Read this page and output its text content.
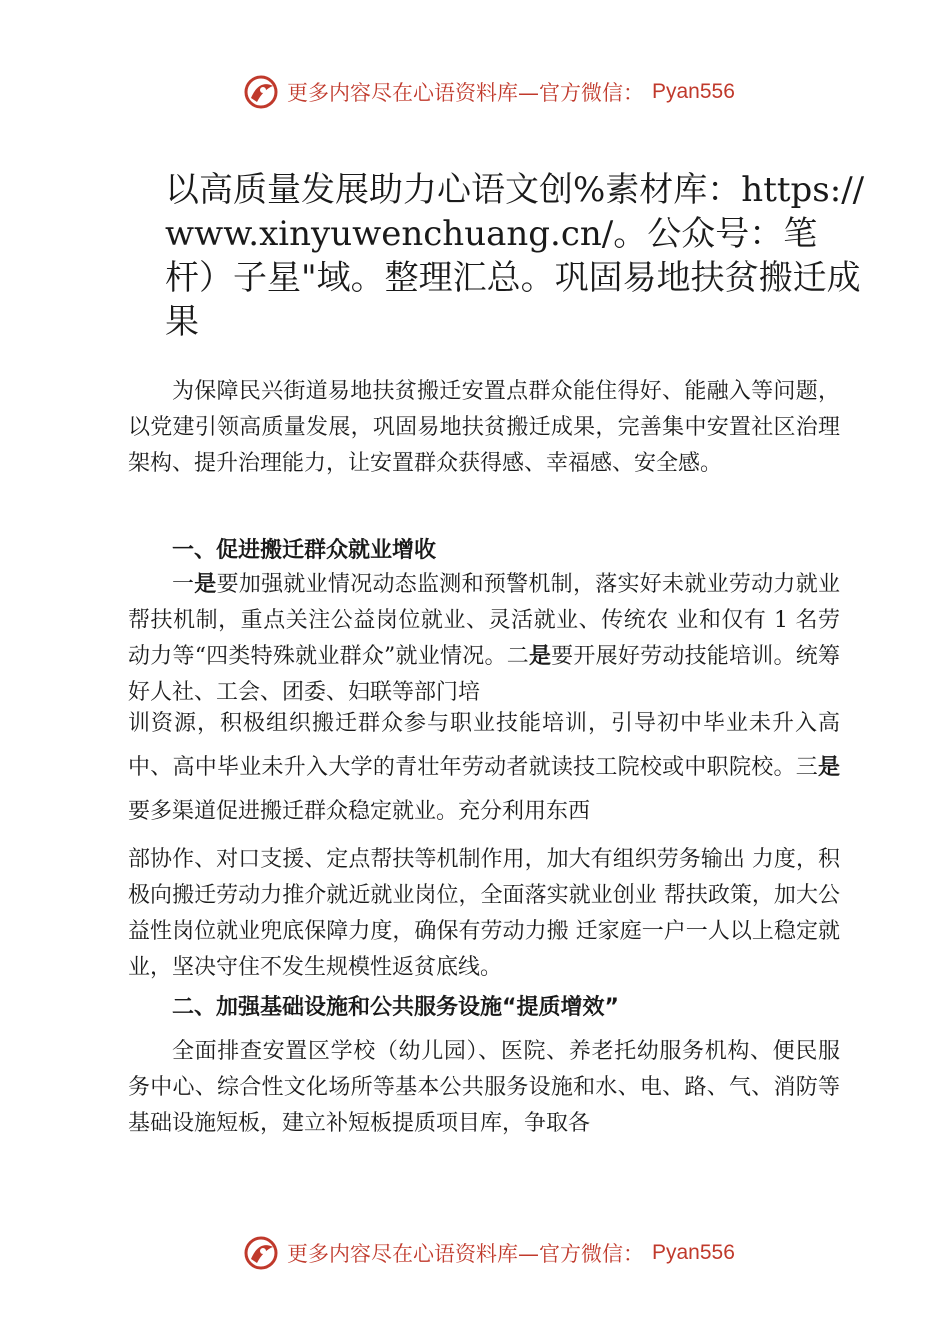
更多内容尽在心语资料库—官方微信： Pyan556
以高质量发展助力心语文创%素材库：https://www.xinyuwenchuang.cn/。公众号：笔杆）子星"域。整理汇总。巩固易地扶贫搬迁成果

为保障民兴街道易地扶贫搬迁安置点群众能住得好、能融入等问题，以党建引领高质量发展，巩固易地扶贫搬迁成果，完善集中安置社区治理架构、提升治理能力，让安置群众获得感、幸福感、安全感。

一、促进搬迁群众就业增收

一是要加强就业情况动态监测和预警机制，落实好未就业劳动力就业帮扶机制，重点关注公益岗位就业、灵活就业、传统农 业和仅有 1 名劳动力等“四类特殊就业群众”就业情况。二是要开展好劳动技能培训。统筹好人社、工会、团委、妇联等部门培

训资源，积极组织搬迁群众参与职业技能培训，引导初中毕业未升入高中、高中毕业未升入大学的青壮年劳动者就读技工院校或中职院校。三是要多渠道促进搬迁群众稳定就业。充分利用东西

部协作、对口支援、定点帮扶等机制作用，加大有组织劳务输出 力度，积极向搬迁劳动力推介就近就业岗位，全面落实就业创业 帮扶政策，加大公益性岗位就业兜底保障力度，确保有劳动力搬 迁家庭一户一人以上稳定就业，坚决守住不发生规模性返贫底线。

二、加强基础设施和公共服务设施“提质增效”

全面排查安置区学校（幼儿园）、医院、养老托幼服务机构、便民服务中心、综合性文化场所等基本公共服务设施和水、电、路、气、消防等基础设施短板，建立补短板提质项目库，争取各

更多内容尽在心语资料库—官方微信： Pyan556
